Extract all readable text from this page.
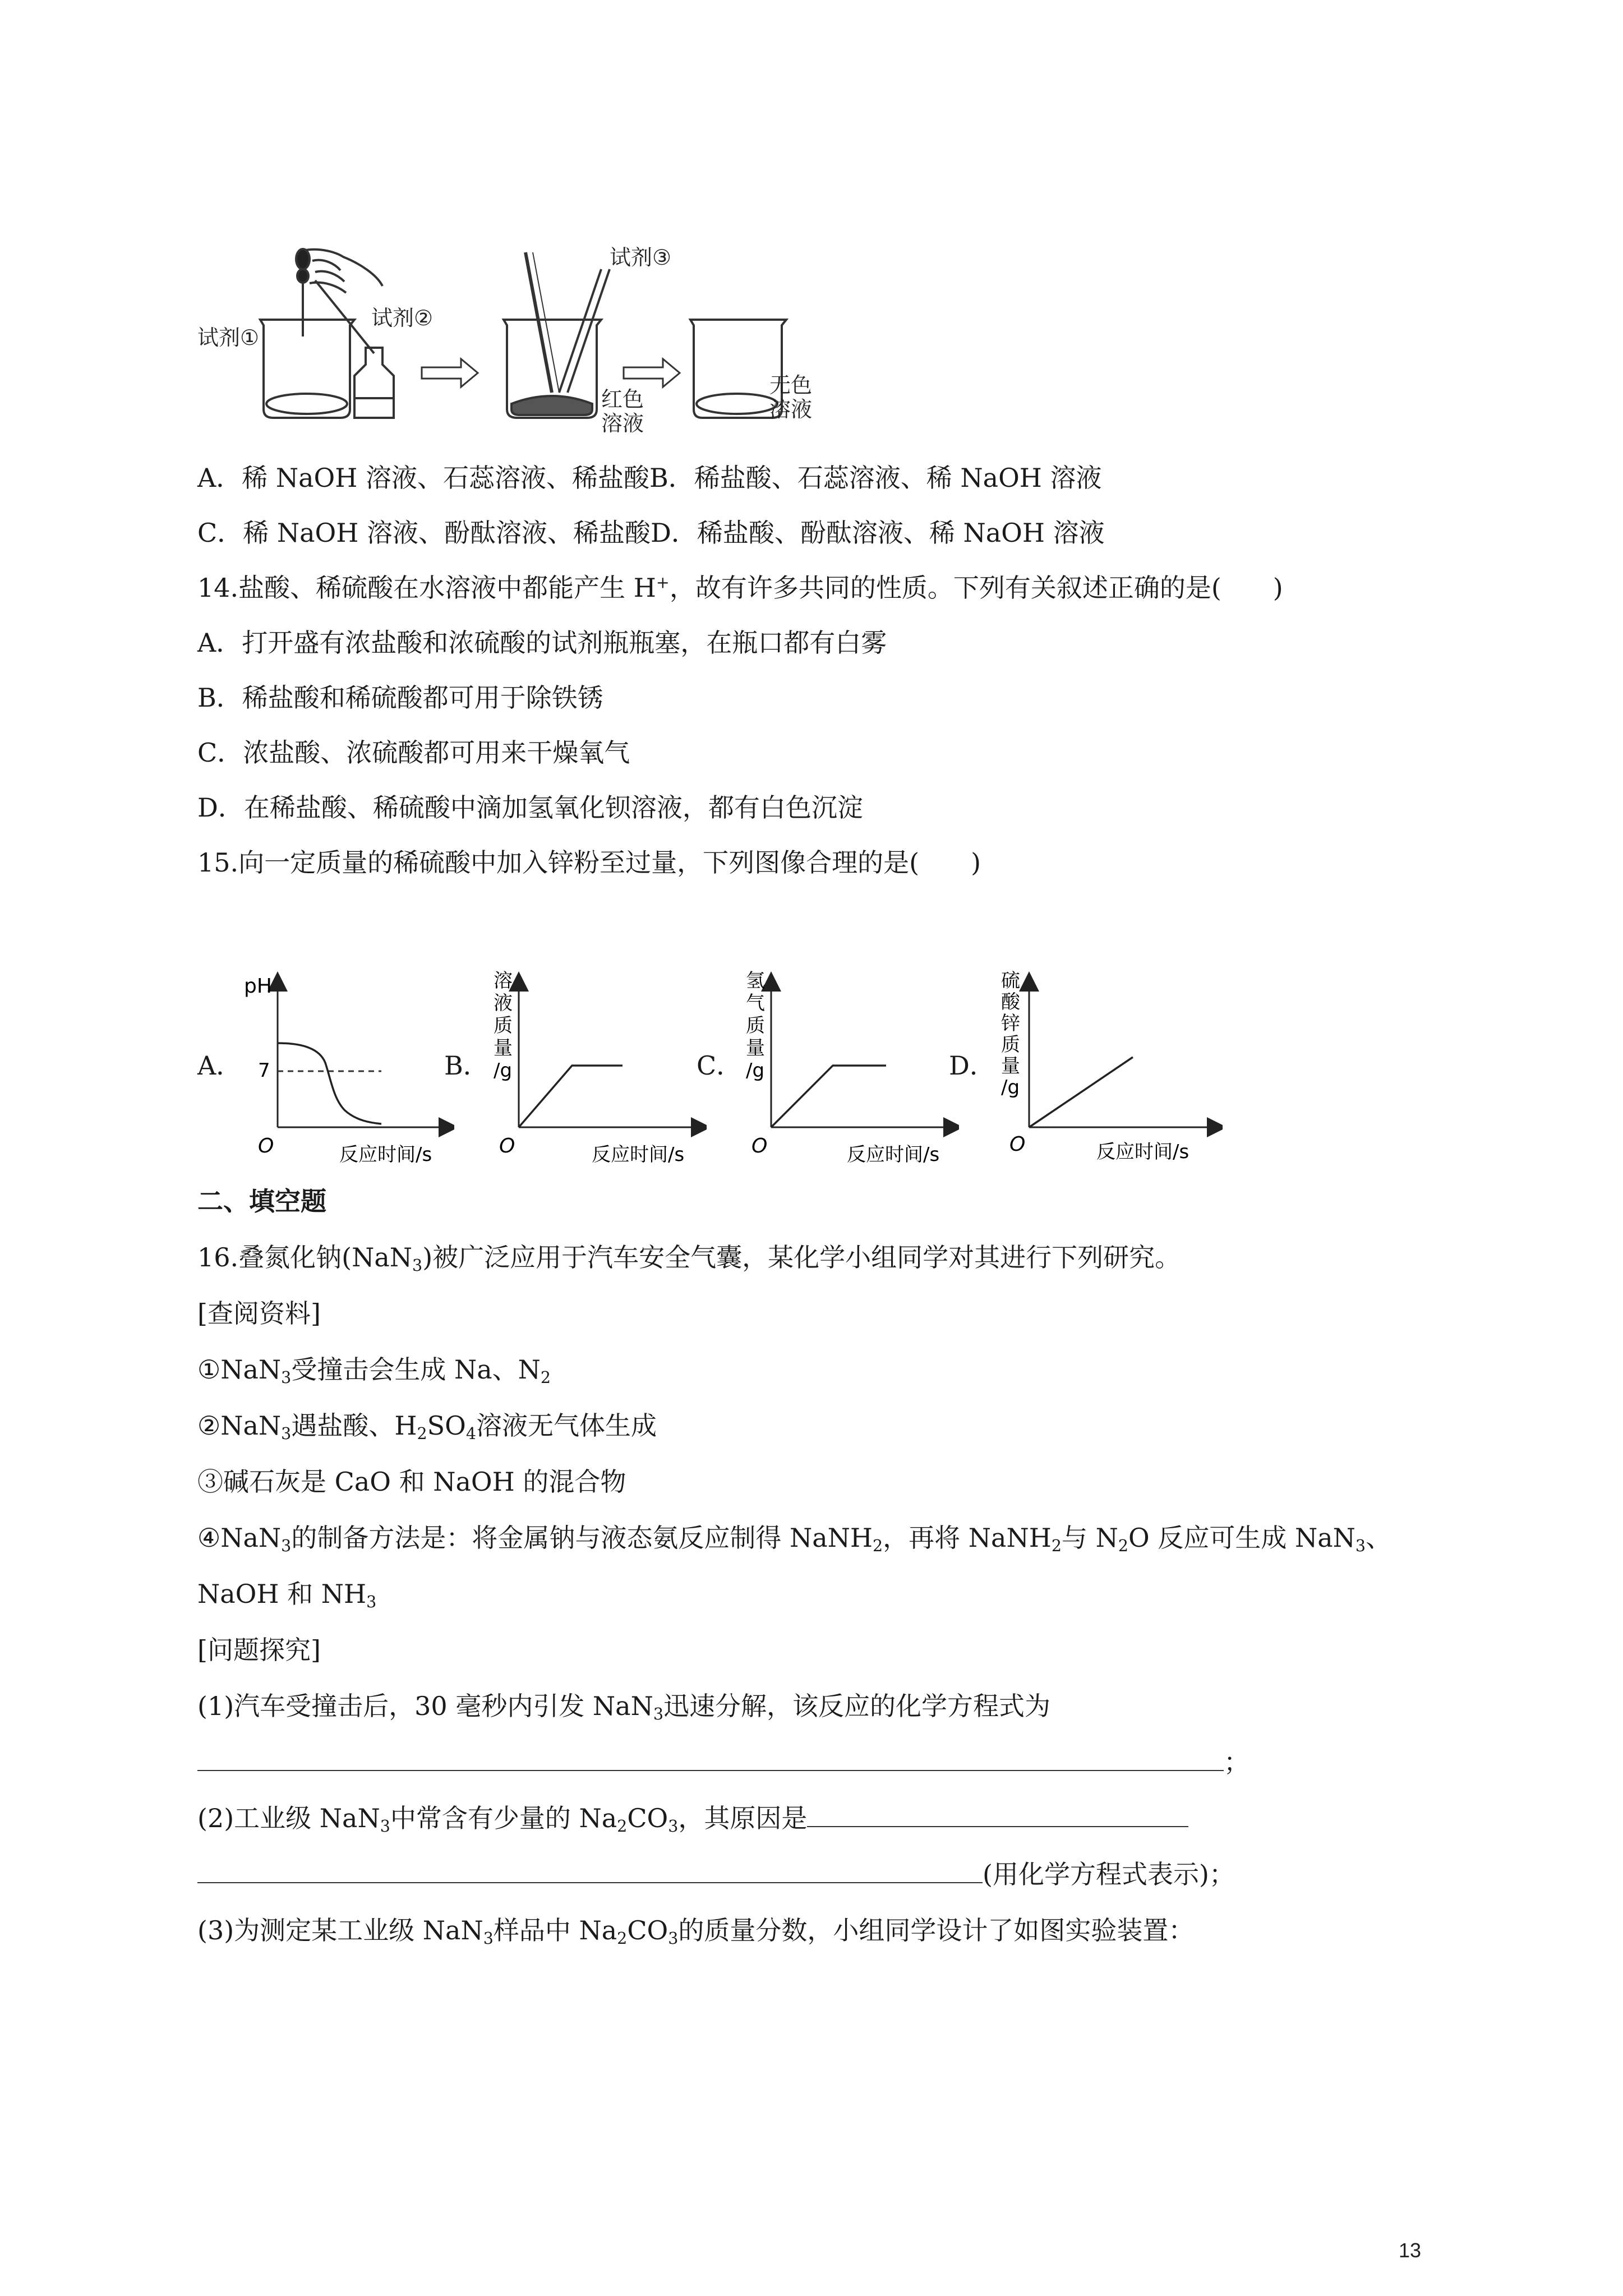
试剂①
试剂②
试剂③
红色
溶液
无色
溶液
A．稀 NaOH 溶液、石蕊溶液、稀盐酸B．稀盐酸、石蕊溶液、稀 NaOH 溶液
C．稀 NaOH 溶液、酚酞溶液、稀盐酸D．稀盐酸、酚酞溶液、稀 NaOH 溶液
14.盐酸、稀硫酸在水溶液中都能产生 H+，故有许多共同的性质。下列有关叙述正确的是(　　)
A．打开盛有浓盐酸和浓硫酸的试剂瓶瓶塞，在瓶口都有白雾
B．稀盐酸和稀硫酸都可用于除铁锈
C．浓盐酸、浓硫酸都可用来干燥氧气
D．在稀盐酸、稀硫酸中滴加氢氧化钡溶液，都有白色沉淀
15.向一定质量的稀硫酸中加入锌粉至过量，下列图像合理的是(　　)
A．
pH
7
O	反应时间/s
B．
溶
液
质
量
/g
O	反应时间/s
C．
氢
气
质
量
/g
O	反应时间/s
D．
硫
酸
锌
质
量
/g
O	反应时间/s
二、填空题
16.叠氮化钠(NaN$_3$)被广泛应用于汽车安全气囊，某化学小组同学对其进行下列研究。
[查阅资料]
①NaN$_3$受撞击会生成 Na、$N_2$
②NaN$_3$遇盐酸、$H_2SO_4$溶液无气体生成
③碱石灰是 CaO 和 NaOH 的混合物
④NaN$_3$的制备方法是：将金属钠与液态氨反应制得 NaNH$_2$，再将 NaNH$_2$与 $N_2O$ 反应可生成 NaN$_3$、
NaOH 和 $NH_3$
[问题探究]
(1)汽车受撞击后，30 毫秒内引发 NaN$_3$迅速分解，该反应的化学方程式为
；
(2)工业级 NaN$_3$中常含有少量的 $Na_2CO_3$，其原因是
(用化学方程式表示)；
(3)为测定某工业级 NaN$_3$样品中 $Na_2CO_3$的质量分数，小组同学设计了如图实验装置：
13
